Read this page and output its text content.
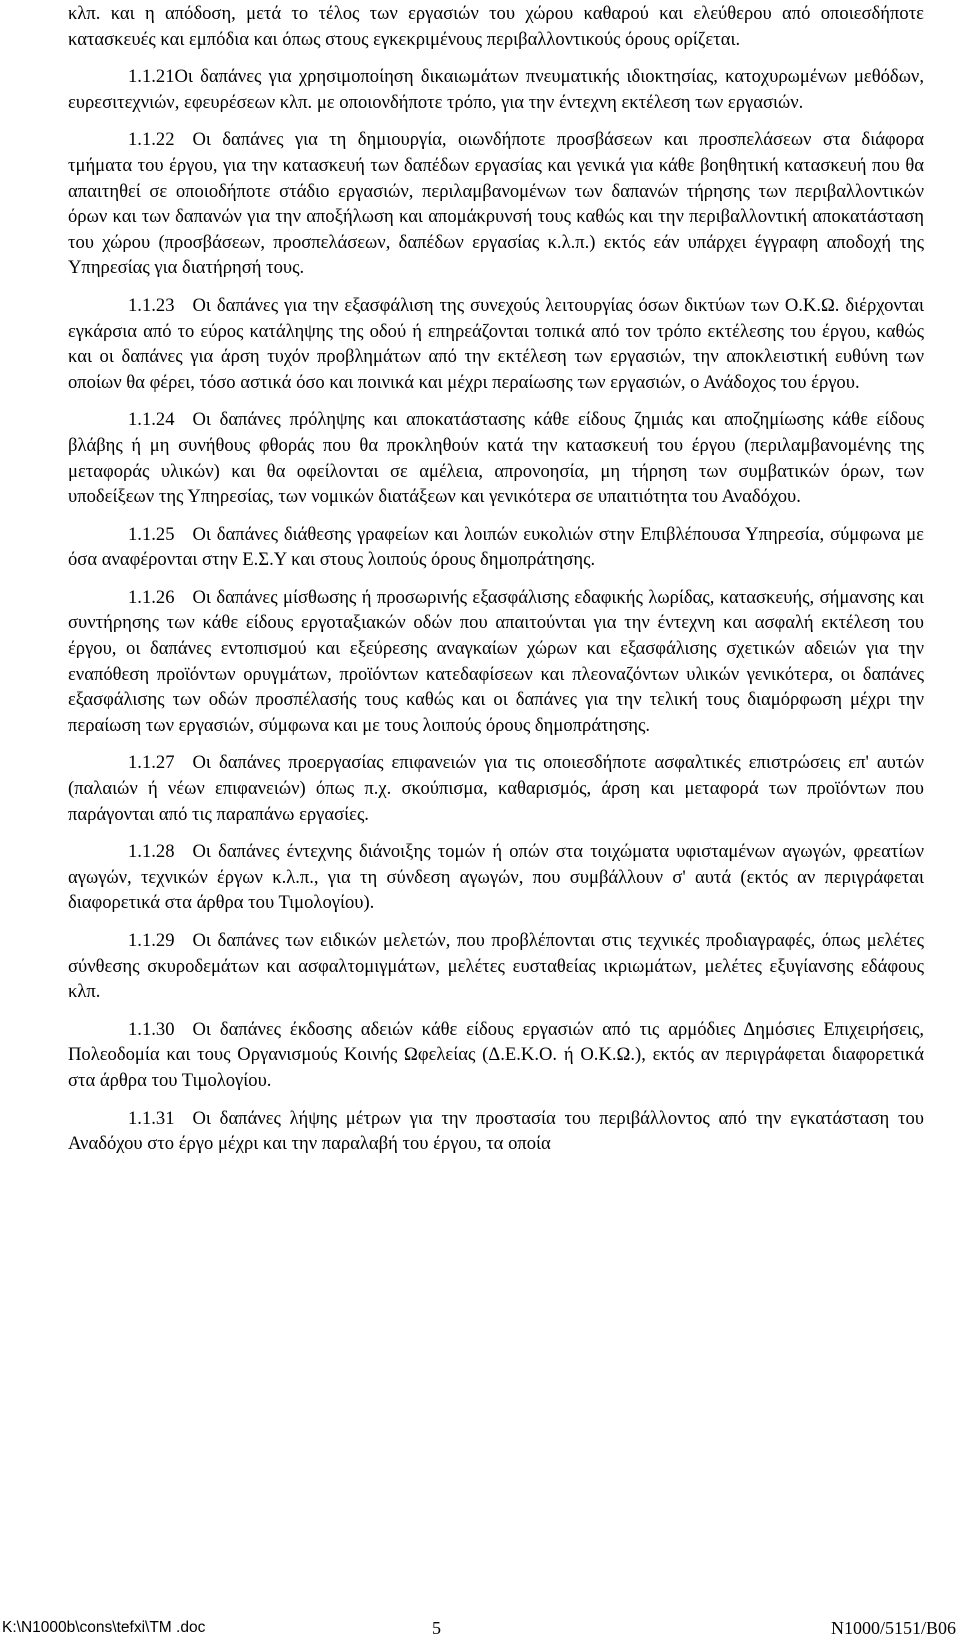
κλπ. και η απόδοση, μετά το τέλος των εργασιών του χώρου καθαρού και ελεύθερου από οποιεσδήποτε κατασκευές και εμπόδια και όπως στους εγκεκριμένους περιβαλλοντικούς όρους ορίζεται.

1.1.21Οι δαπάνες για χρησιμοποίηση δικαιωμάτων πνευματικής ιδιοκτησίας, κατοχυρωμένων μεθόδων, ευρεσιτεχνιών, εφευρέσεων κλπ. με οποιονδήποτε τρόπο, για την έντεχνη εκτέλεση των εργασιών.

1.1.22 Οι δαπάνες για τη δημιουργία, οιωνδήποτε προσβάσεων και προσπελάσεων στα διάφορα τμήματα του έργου, για την κατασκευή των δαπέδων εργασίας και γενικά για κάθε βοηθητική κατασκευή που θα απαιτηθεί σε οποιοδήποτε στάδιο εργασιών, περιλαμβανομένων των δαπανών τήρησης των περιβαλλοντικών όρων και των δαπανών για την αποξήλωση και απομάκρυνσή τους καθώς και την περιβαλλοντική αποκατάσταση του χώρου (προσβάσεων, προσπελάσεων, δαπέδων εργασίας κ.λ.π.) εκτός εάν υπάρχει έγγραφη αποδοχή της Υπηρεσίας για διατήρησή τους.

1.1.23 Οι δαπάνες για την εξασφάλιση της συνεχούς λειτουργίας όσων δικτύων των Ο.Κ.Ω. διέρχονται εγκάρσια από το εύρος κατάληψης της οδού ή επηρεάζονται τοπικά από τον τρόπο εκτέλεσης του έργου, καθώς και οι δαπάνες για άρση τυχόν προβλημάτων από την εκτέλεση των εργασιών, την αποκλειστική ευθύνη των οποίων θα φέρει, τόσο αστικά όσο και ποινικά και μέχρι περαίωσης των εργασιών, ο Ανάδοχος του έργου.

1.1.24 Οι δαπάνες πρόληψης και αποκατάστασης κάθε είδους ζημιάς και αποζημίωσης κάθε είδους βλάβης ή μη συνήθους φθοράς που θα προκληθούν κατά την κατασκευή του έργου (περιλαμβανομένης της μεταφοράς υλικών) και θα οφείλονται σε αμέλεια, απρονοησία, μη τήρηση των συμβατικών όρων, των υποδείξεων της Υπηρεσίας, των νομικών διατάξεων και γενικότερα σε υπαιτιότητα του Αναδόχου.

1.1.25 Οι δαπάνες διάθεσης γραφείων και λοιπών ευκολιών στην Επιβλέπουσα Υπηρεσία, σύμφωνα με όσα αναφέρονται στην Ε.Σ.Υ και στους λοιπούς όρους δημοπράτησης.

1.1.26 Οι δαπάνες μίσθωσης ή προσωρινής εξασφάλισης εδαφικής λωρίδας, κατασκευής, σήμανσης και συντήρησης των κάθε είδους εργοταξιακών οδών που απαιτούνται για την έντεχνη και ασφαλή εκτέλεση του έργου, οι δαπάνες εντοπισμού και εξεύρεσης αναγκαίων χώρων και εξασφάλισης σχετικών αδειών για την εναπόθεση προϊόντων ορυγμάτων, προϊόντων κατεδαφίσεων και πλεοναζόντων υλικών γενικότερα, οι δαπάνες εξασφάλισης των οδών προσπέλασής τους καθώς και οι δαπάνες για την τελική τους διαμόρφωση μέχρι την περαίωση των εργασιών, σύμφωνα και με τους λοιπούς όρους δημοπράτησης.

1.1.27 Οι δαπάνες προεργασίας επιφανειών για τις οποιεσδήποτε ασφαλτικές επιστρώσεις επ' αυτών (παλαιών ή νέων επιφανειών) όπως π.χ. σκούπισμα, καθαρισμός, άρση και μεταφορά των προϊόντων που παράγονται από τις παραπάνω εργασίες.

1.1.28 Οι δαπάνες έντεχνης διάνοιξης τομών ή οπών στα τοιχώματα υφισταμένων αγωγών, φρεατίων αγωγών, τεχνικών έργων κ.λ.π., για τη σύνδεση αγωγών, που συμβάλλουν σ' αυτά (εκτός αν περιγράφεται διαφορετικά στα άρθρα του Τιμολογίου).

1.1.29 Οι δαπάνες των ειδικών μελετών, που προβλέπονται στις τεχνικές προδιαγραφές, όπως μελέτες σύνθεσης σκυροδεμάτων και ασφαλτομιγμάτων, μελέτες ευσταθείας ικριωμάτων, μελέτες εξυγίανσης εδάφους κλπ.

1.1.30 Οι δαπάνες έκδοσης αδειών κάθε είδους εργασιών από τις αρμόδιες Δημόσιες Επιχειρήσεις, Πολεοδομία και τους Οργανισμούς Κοινής Ωφελείας (Δ.Ε.Κ.Ο. ή Ο.Κ.Ω.), εκτός αν περιγράφεται διαφορετικά στα άρθρα του Τιμολογίου.

1.1.31 Οι δαπάνες λήψης μέτρων για την προστασία του περιβάλλοντος από την εγκατάσταση του Αναδόχου στο έργο μέχρι και την παραλαβή του έργου, τα οποία

K:\N1000b\cons\tefxi\TM .doc	5	N1000/5151/B06
